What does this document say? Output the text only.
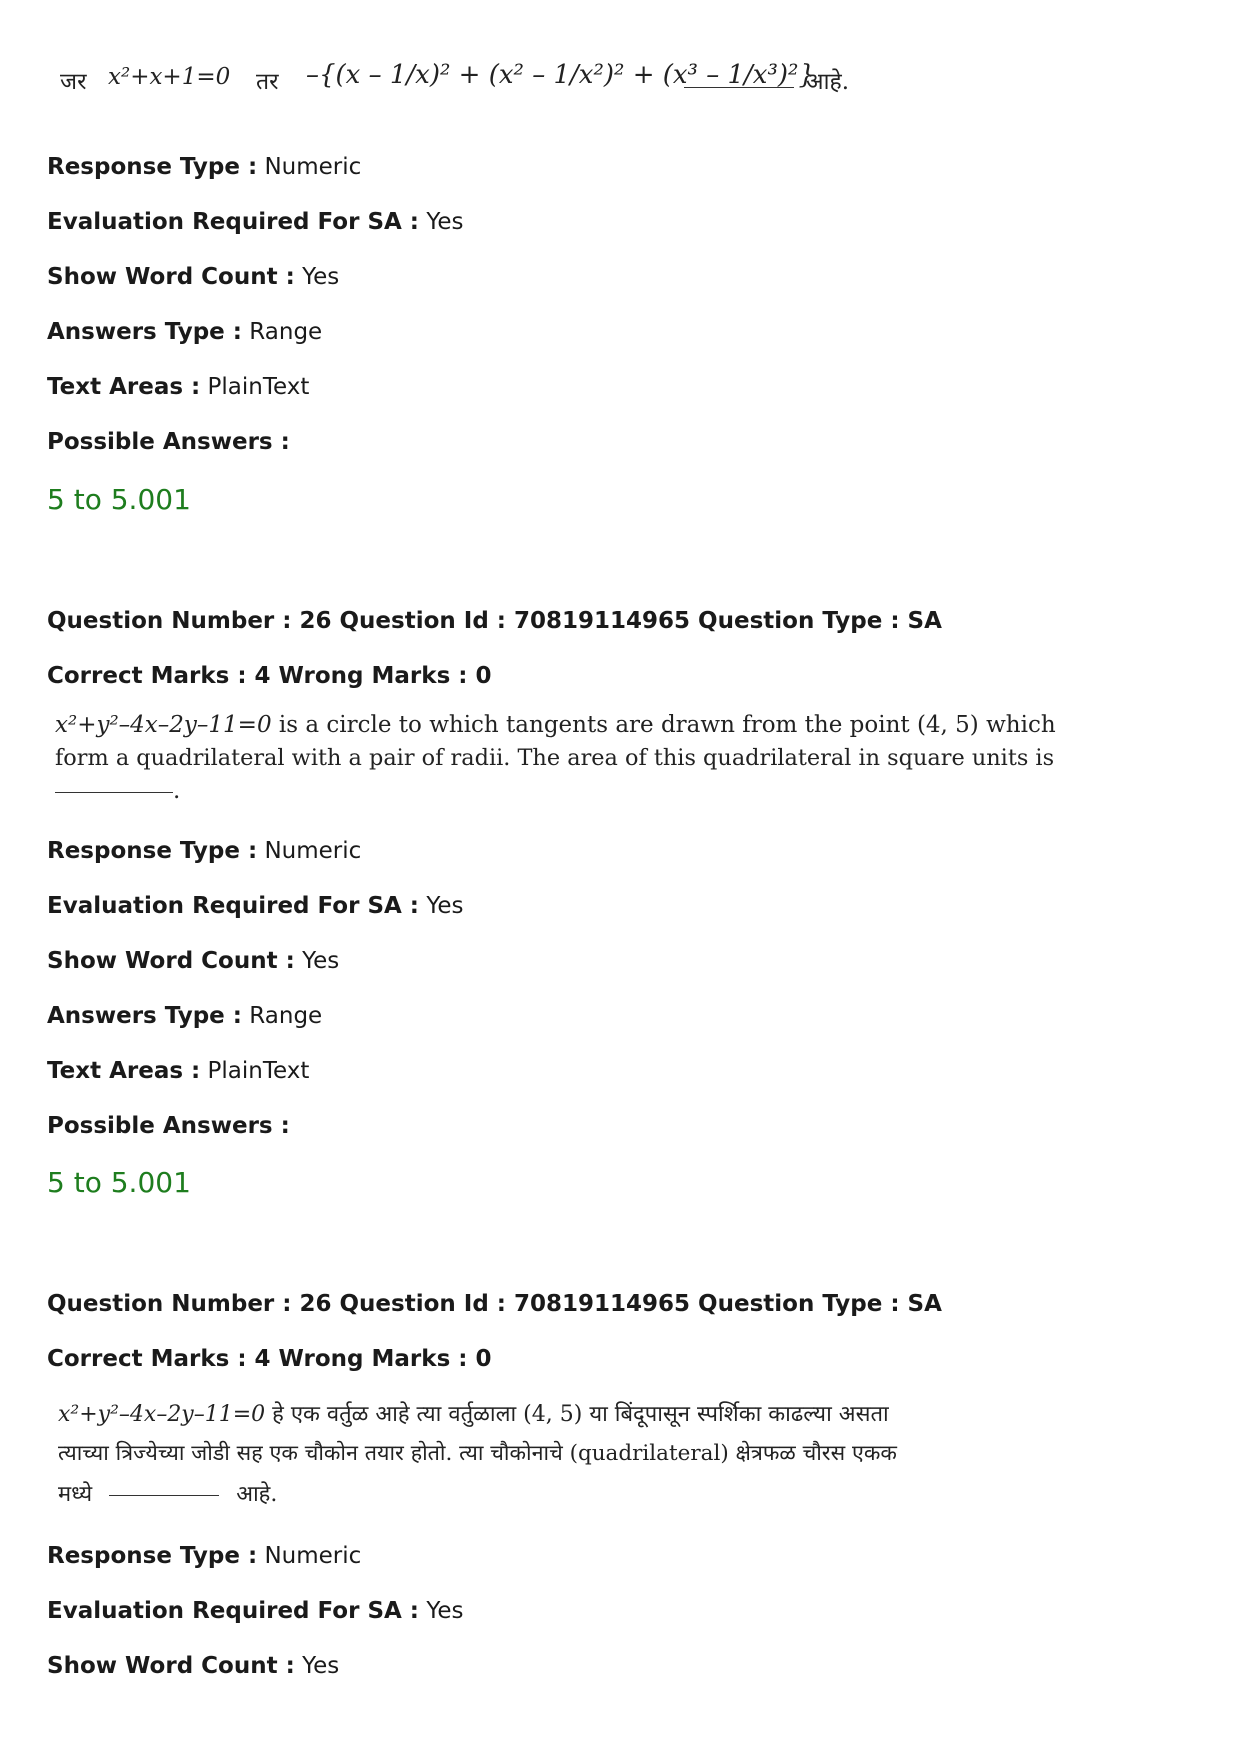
जर x²+x+1=0 तर –{(x – 1/x)² + (x² – 1/x²)² + (x³ – 1/x³)²}
आहे.
Response Type : Numeric
Evaluation Required For SA : Yes
Show Word Count : Yes
Answers Type : Range
Text Areas : PlainText
Possible Answers :
5 to 5.001
Question Number : 26 Question Id : 70819114965 Question Type : SA
Correct Marks : 4 Wrong Marks : 0
x²+y²–4x–2y–11=0 is a circle to which tangents are drawn from the point (4, 5) which
form a quadrilateral with a pair of radii. The area of this quadrilateral in square units is
.
Response Type : Numeric
Evaluation Required For SA : Yes
Show Word Count : Yes
Answers Type : Range
Text Areas : PlainText
Possible Answers :
5 to 5.001
Question Number : 26 Question Id : 70819114965 Question Type : SA
Correct Marks : 4 Wrong Marks : 0
x²+y²–4x–2y–11=0 हे एक वर्तुळ आहे त्या वर्तुळाला (4, 5) या बिंदूपासून स्पर्शिका काढल्या असता
त्याच्या त्रिज्येच्या जोडी सह एक चौकोन तयार होतो. त्या चौकोनाचे (quadrilateral) क्षेत्रफळ चौरस एकक
मध्ये	आहे.
Response Type : Numeric
Evaluation Required For SA : Yes
Show Word Count : Yes
